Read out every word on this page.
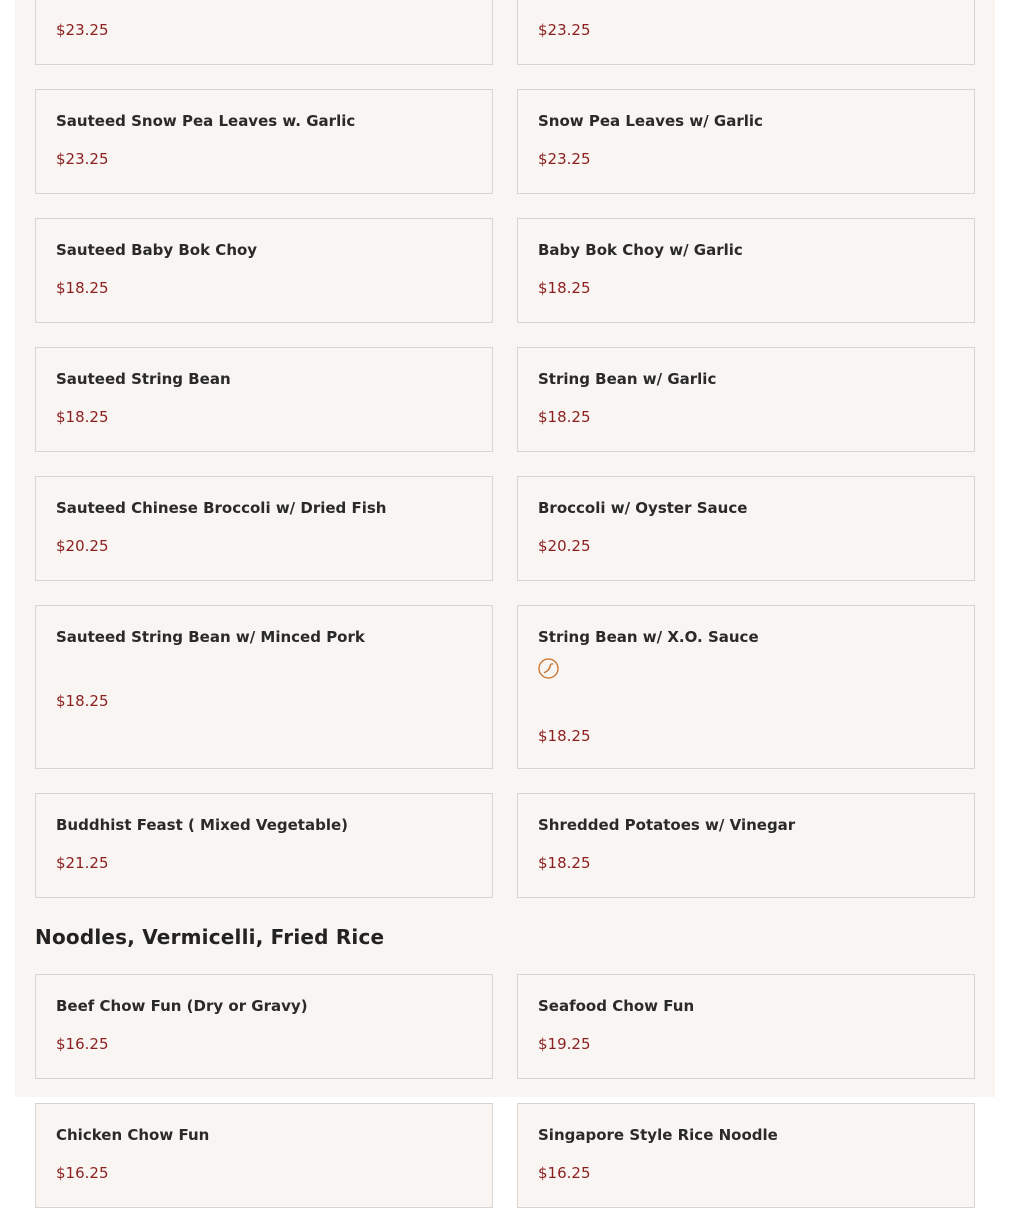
$23.25	$23.25
Sauteed Snow Pea Leaves w. Garlic
$23.25
Snow Pea Leaves w/ Garlic
$23.25
Sauteed Baby Bok Choy
$18.25
Baby Bok Choy w/ Garlic
$18.25
Sauteed String Bean
$18.25
String Bean w/ Garlic
$18.25
Sauteed Chinese Broccoli w/ Dried Fish
$20.25
Broccoli w/ Oyster Sauce
$20.25
Sauteed String Bean w/ Minced Pork
$18.25
String Bean w/ X.O. Sauce
$18.25
Buddhist Feast ( Mixed Vegetable)
$21.25
Shredded Potatoes w/ Vinegar
$18.25
Noodles, Vermicelli, Fried Rice
Beef Chow Fun (Dry or Gravy)
$16.25
Seafood Chow Fun
$19.25
Chicken Chow Fun
$16.25
Singapore Style Rice Noodle
$16.25
